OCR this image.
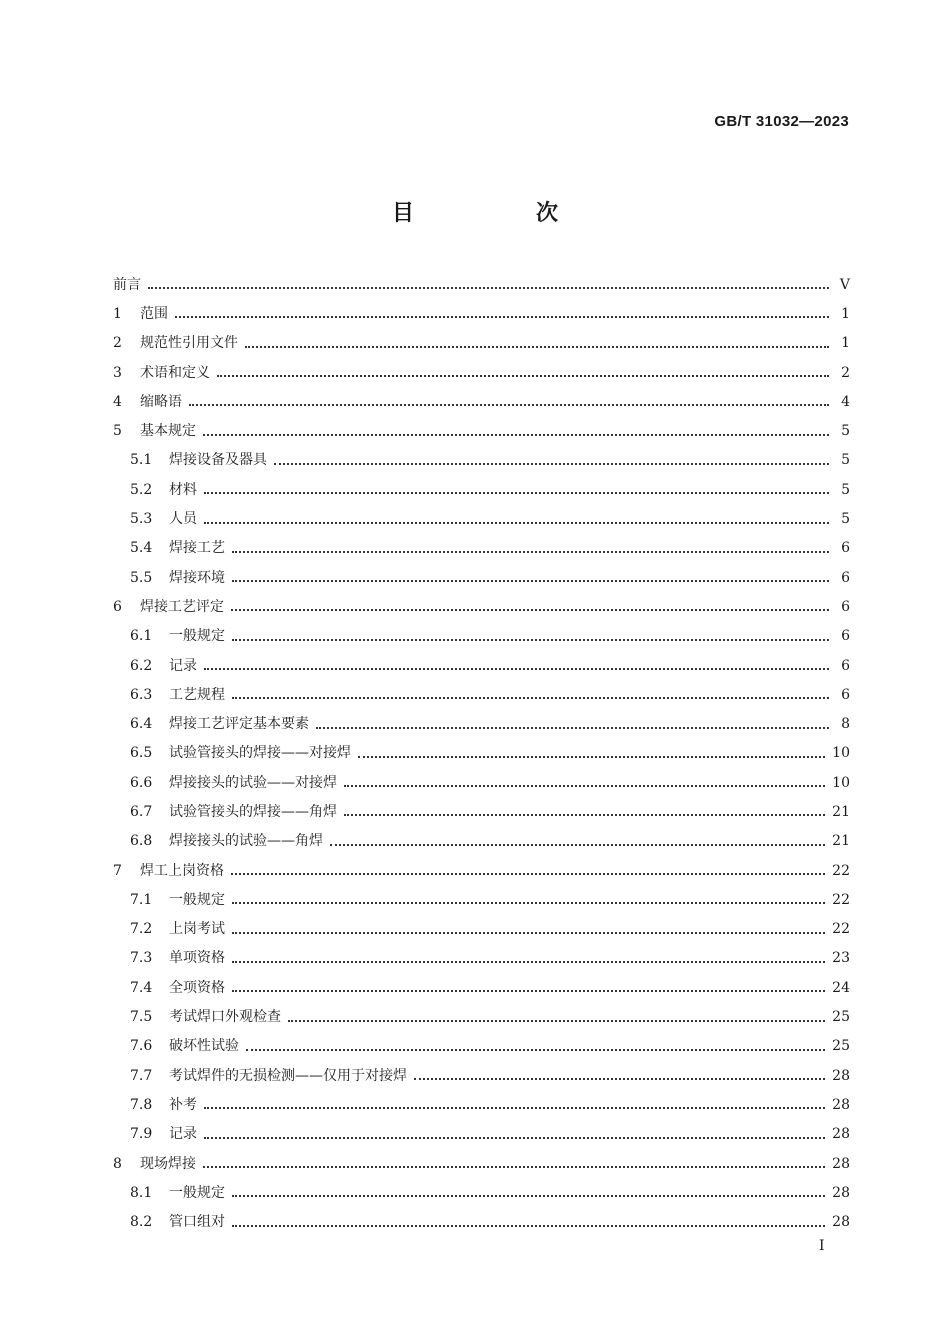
GB/T 31032—2023
目　次
前言	Ⅴ
1	范围	1
2	规范性引用文件	1
3	术语和定义	2
4	缩略语	4
5	基本规定	5
5.1	焊接设备及器具	5
5.2	材料	5
5.3	人员	5
5.4	焊接工艺	6
5.5	焊接环境	6
6	焊接工艺评定	6
6.1	一般规定	6
6.2	记录	6
6.3	工艺规程	6
6.4	焊接工艺评定基本要素	8
6.5	试验管接头的焊接——对接焊	10
6.6	焊接接头的试验——对接焊	10
6.7	试验管接头的焊接——角焊	21
6.8	焊接接头的试验——角焊	21
7	焊工上岗资格	22
7.1	一般规定	22
7.2	上岗考试	22
7.3	单项资格	23
7.4	全项资格	24
7.5	考试焊口外观检查	25
7.6	破坏性试验	25
7.7	考试焊件的无损检测——仅用于对接焊	28
7.8	补考	28
7.9	记录	28
8	现场焊接	28
8.1	一般规定	28
8.2	管口组对	28
Ⅰ
